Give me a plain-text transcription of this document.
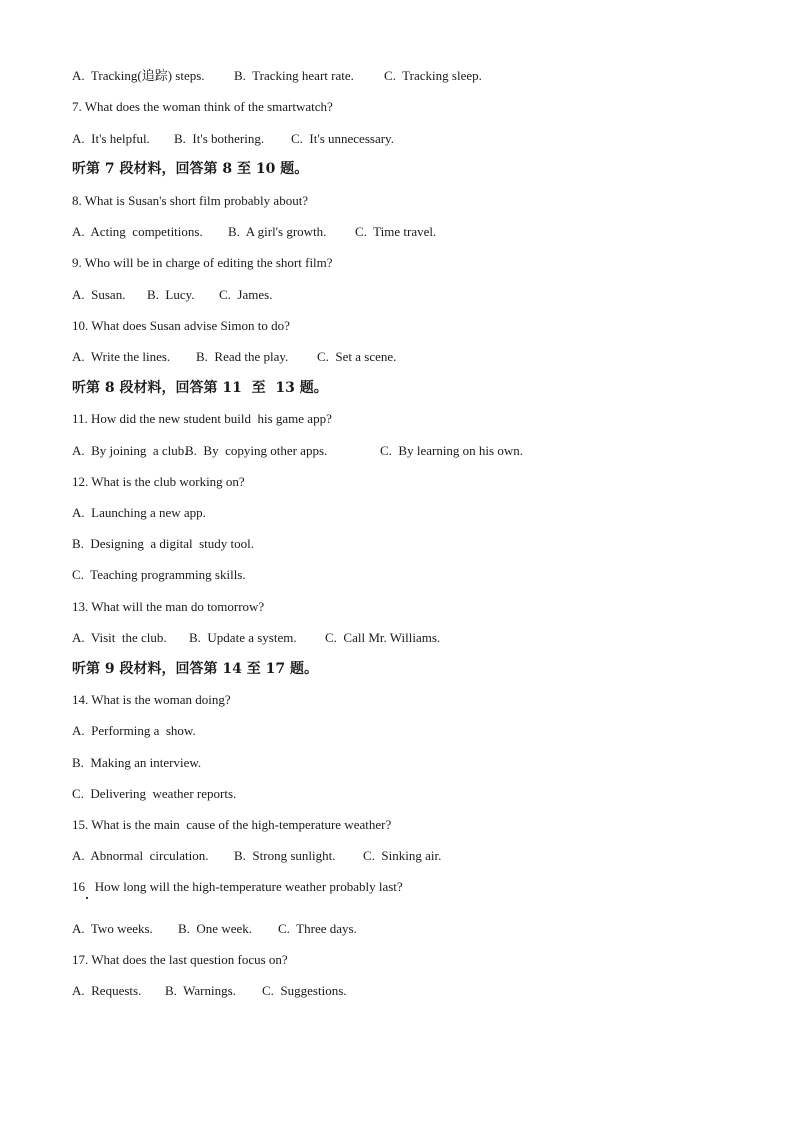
A.  Tracking(追踪) steps. B.  Tracking heart rate. C.  Tracking sleep.
7. What does the woman think of the smartwatch?
A.  It's helpful. B.  It's bothering. C.  It's unnecessary.
听第 7 段材料，回答第 8 至 10 题。
8. What is Susan's short film probably about?
A.  Acting  competitions. B.  A girl's growth. C.  Time travel.
9. Who will be in charge of editing the short film?
A.  Susan. B.  Lucy. C.  James.
10. What does Susan advise Simon to do?
A.  Write the lines. B.  Read the play. C.  Set a scene.
听第 8 段材料，回答第 11  至  13 题。
11. How did the new student build  his game app?
A.  By joining  a club.
B.  By  copying other apps.	C.  By learning on his own.
12. What is the club working on?
A.  Launching a new app.
B.  Designing  a digital  study tool.
C.  Teaching programming skills.
13. What will the man do tomorrow?
A.  Visit  the club. B.  Update a system. C.  Call Mr. Williams.
听第 9 段材料，回答第 14 至 17 题。
14. What is the woman doing?
A.  Performing a  show.
B.  Making an interview.
C.  Delivering  weather reports.
15. What is the main  cause of the high-temperature weather?
A.  Abnormal  circulation. B.  Strong sunlight. C.  Sinking air.
16   How long will the high-temperature weather probably last?
A.  Two weeks. B.  One week. C.  Three days.
17. What does the last question focus on?
A.  Requests. B.  Warnings. C.  Suggestions.
